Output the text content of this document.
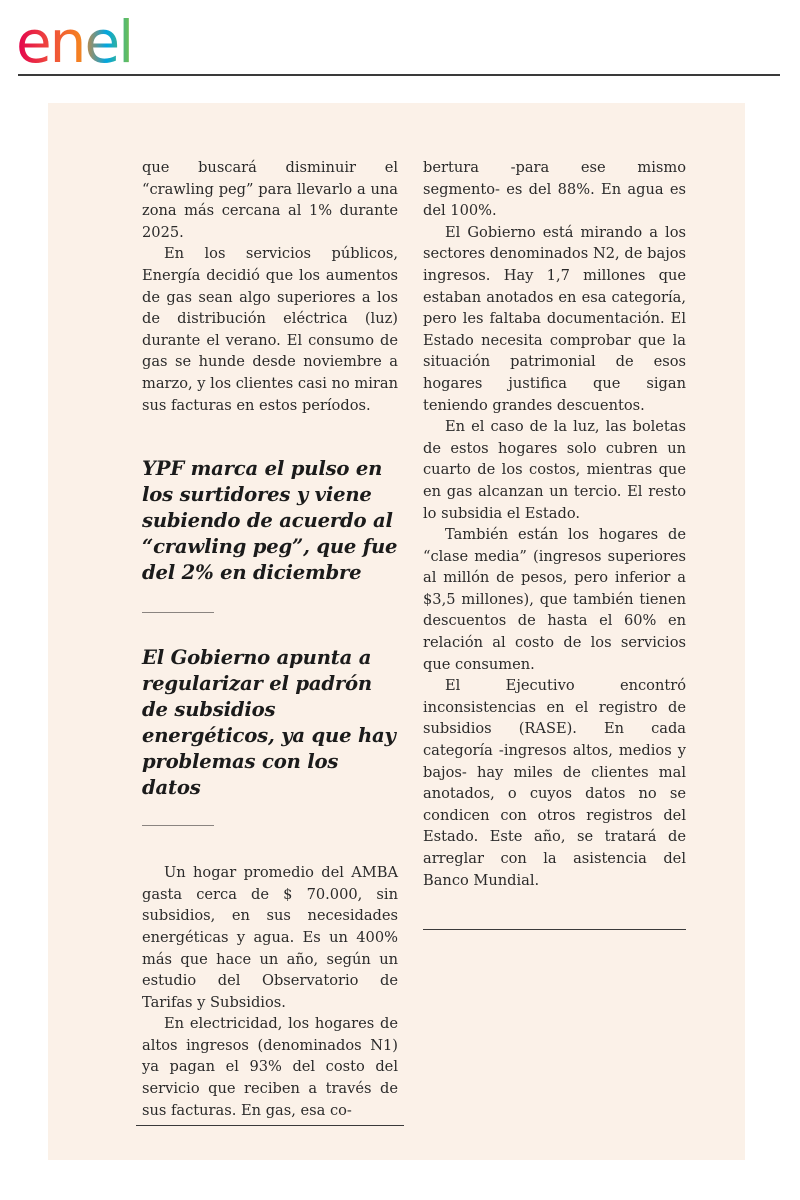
enel

que buscará disminuir el “crawling peg” para llevarlo a una zona más cercana al 1% durante 2025.

En los servicios públicos, Energía decidió que los aumentos de gas sean algo superiores a los de distribución eléctrica (luz) durante el verano. El consumo de gas se hunde desde noviembre a marzo, y los clientes casi no miran sus facturas en estos períodos.

YPF marca el pulso en los surtidores y viene subiendo de acuerdo al “crawling peg”, que fue del 2% en diciembre

El Gobierno apunta a regularizar el padrón de subsidios energéticos, ya que hay problemas con los datos

Un hogar promedio del AMBA gasta cerca de $ 70.000, sin subsidios, en sus necesidades energéticas y agua. Es un 400% más que hace un año, según un estudio del Observatorio de Tarifas y Subsidios.

En electricidad, los hogares de altos ingresos (denominados N1) ya pagan el 93% del costo del servicio que reciben a través de sus facturas. En gas, esa co-

bertura -para ese mismo segmento- es del 88%. En agua es del 100%.

El Gobierno está mirando a los sectores denominados N2, de bajos ingresos. Hay 1,7 millones que estaban anotados en esa categoría, pero les faltaba documentación. El Estado necesita comprobar que la situación patrimonial de esos hogares justifica que sigan teniendo grandes descuentos.

En el caso de la luz, las boletas de estos hogares solo cubren un cuarto de los costos, mientras que en gas alcanzan un tercio. El resto lo subsidia el Estado.

También están los hogares de “clase media” (ingresos superiores al millón de pesos, pero inferior a $3,5 millones), que también tienen descuentos de hasta el 60% en relación al costo de los servicios que consumen.

El Ejecutivo encontró inconsistencias en el registro de subsidios (RASE). En cada categoría -ingresos altos, medios y bajos- hay miles de clientes mal anotados, o cuyos datos no se condicen con otros registros del Estado. Este año, se tratará de arreglar con la asistencia del Banco Mundial.
